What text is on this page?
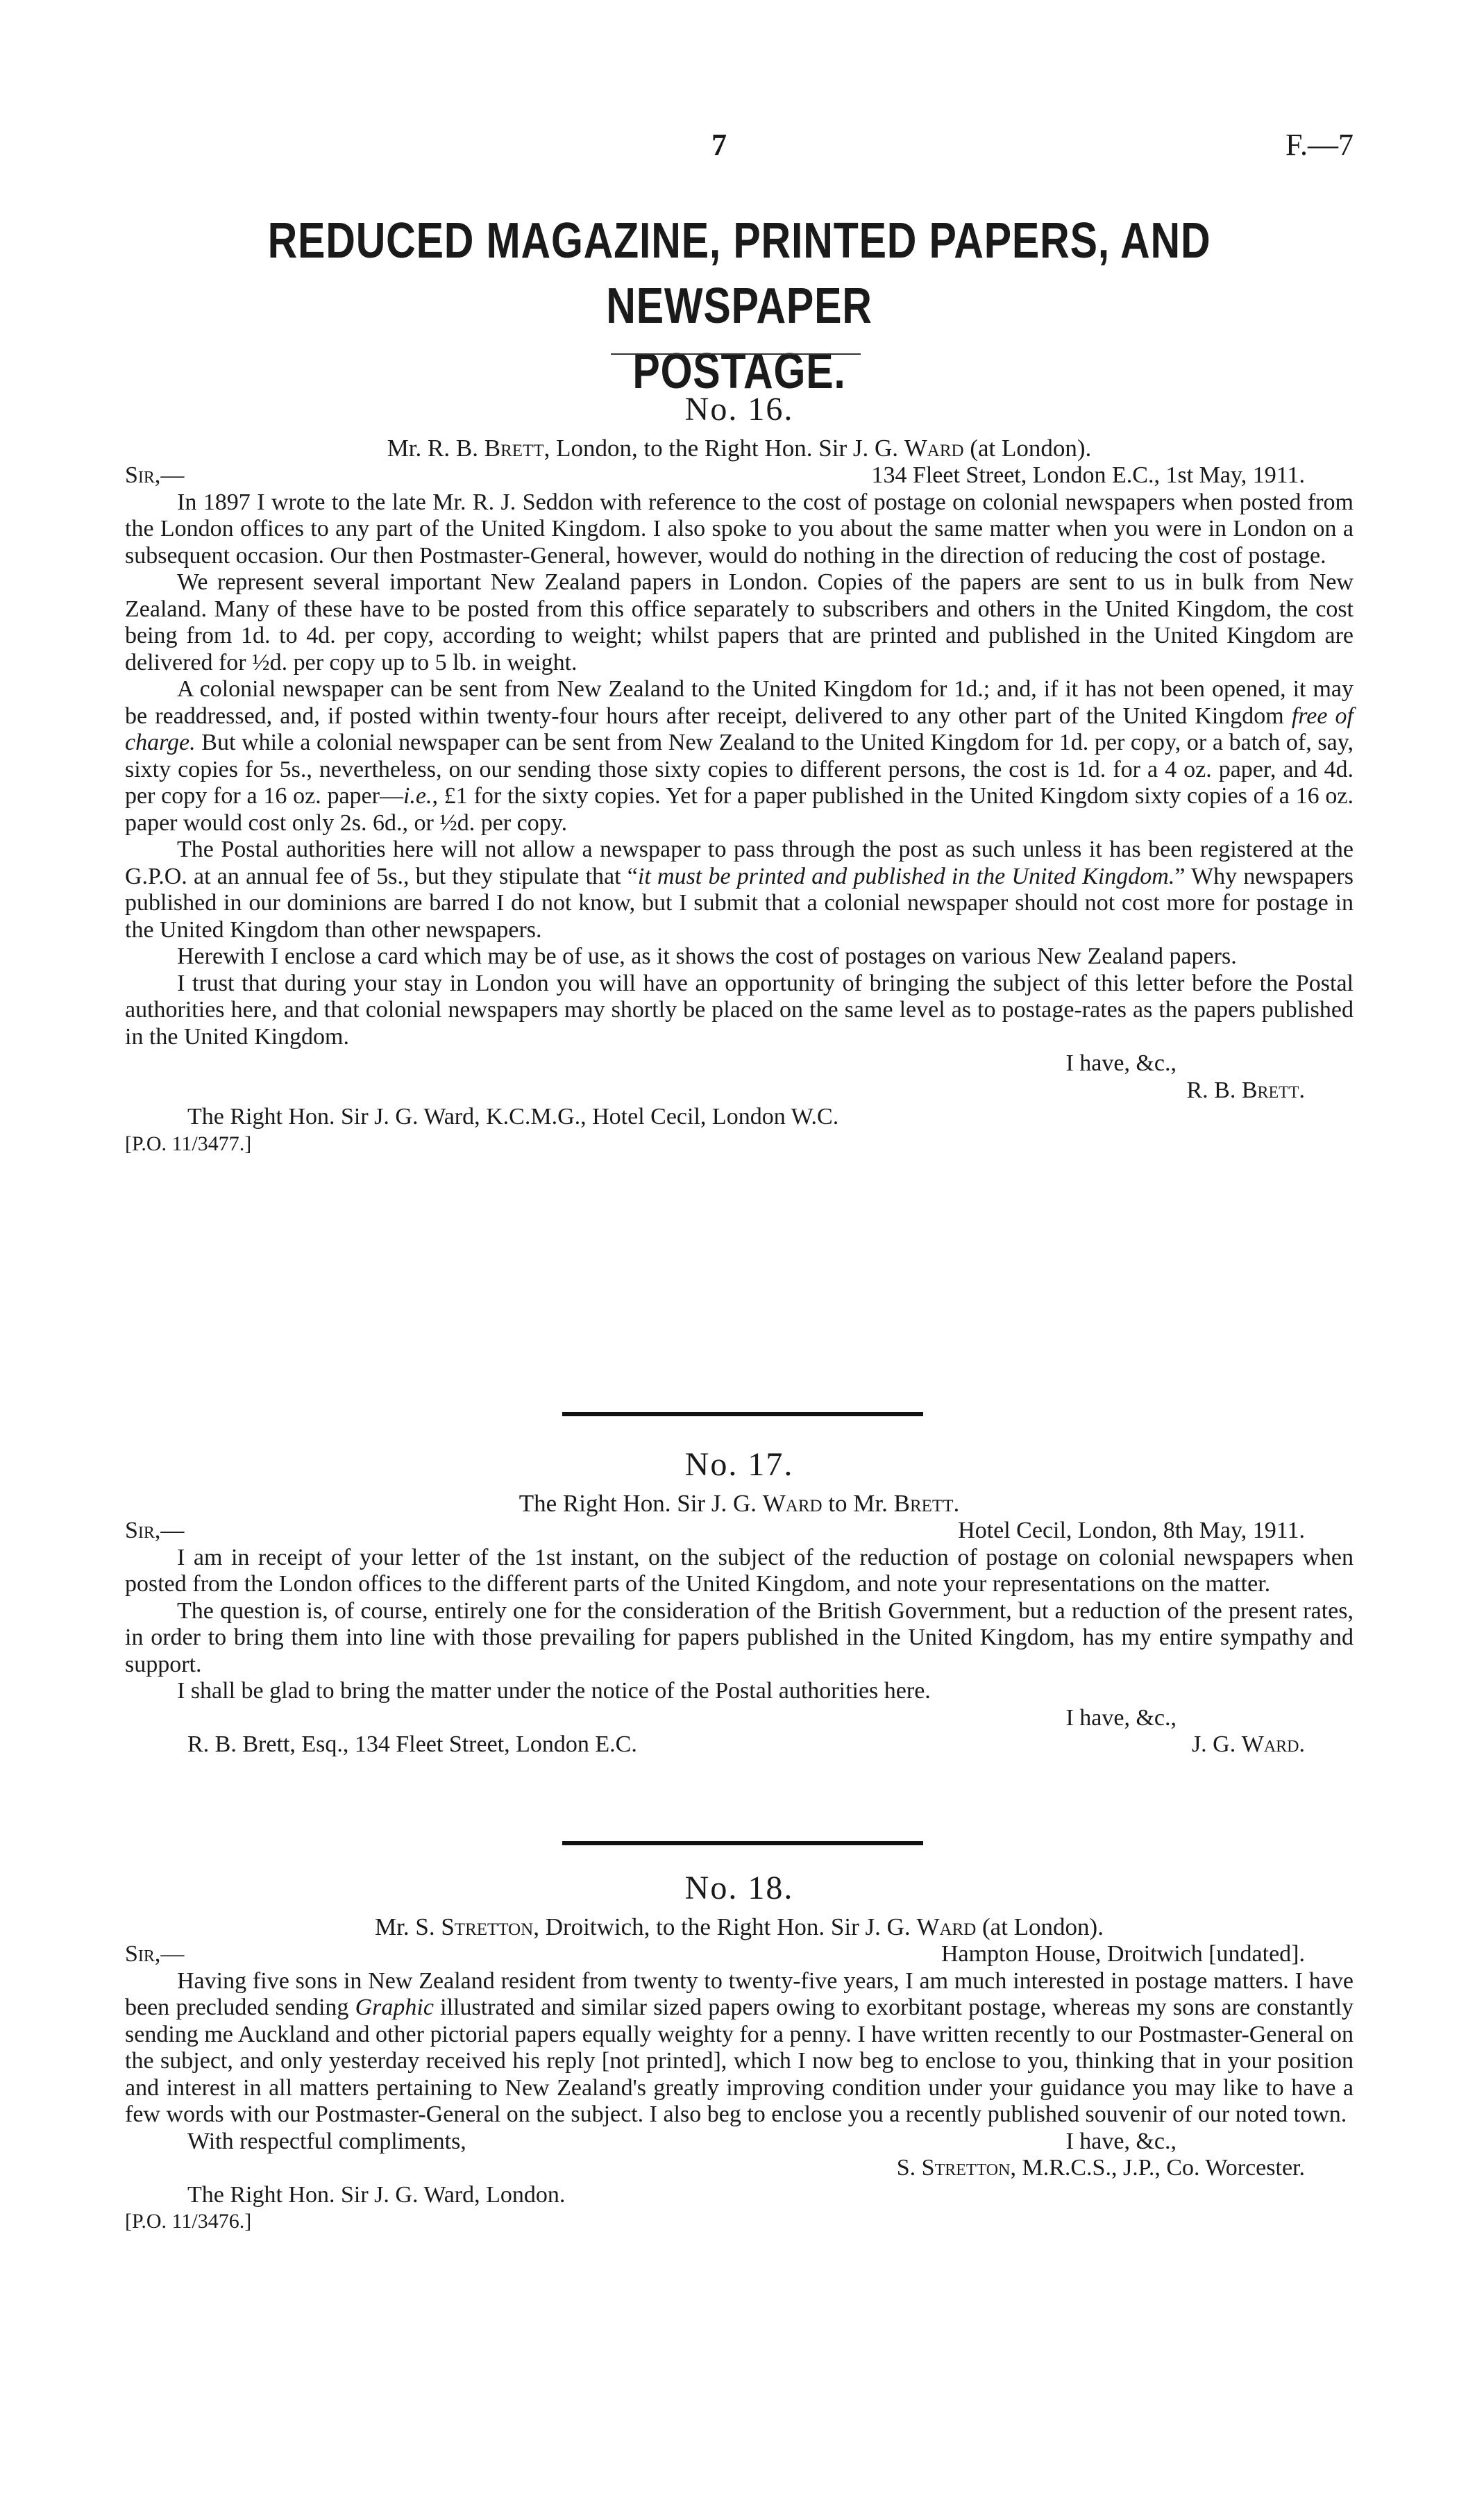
7	F.—7
REDUCED MAGAZINE, PRINTED PAPERS, AND NEWSPAPER
POSTAGE.
No. 16.
Mr. R. B. Brett, London, to the Right Hon. Sir J. G. Ward (at London).
Sir,—	134 Fleet Street, London E.C., 1st May, 1911.

In 1897 I wrote to the late Mr. R. J. Seddon with reference to the cost of postage on colonial newspapers when posted from the London offices to any part of the United Kingdom. I also spoke to you about the same matter when you were in London on a subsequent occasion. Our then Postmaster-General, however, would do nothing in the direction of reducing the cost of postage.

We represent several important New Zealand papers in London. Copies of the papers are sent to us in bulk from New Zealand. Many of these have to be posted from this office separately to subscribers and others in the United Kingdom, the cost being from 1d. to 4d. per copy, according to weight; whilst papers that are printed and published in the United Kingdom are delivered for ½d. per copy up to 5 lb. in weight.

A colonial newspaper can be sent from New Zealand to the United Kingdom for 1d.; and, if it has not been opened, it may be readdressed, and, if posted within twenty-four hours after receipt, delivered to any other part of the United Kingdom free of charge. But while a colonial newspaper can be sent from New Zealand to the United Kingdom for 1d. per copy, or a batch of, say, sixty copies for 5s., nevertheless, on our sending those sixty copies to different persons, the cost is 1d. for a 4 oz. paper, and 4d. per copy for a 16 oz. paper—i.e., £1 for the sixty copies. Yet for a paper published in the United Kingdom sixty copies of a 16 oz. paper would cost only 2s. 6d., or ½d. per copy.

The Postal authorities here will not allow a newspaper to pass through the post as such unless it has been registered at the G.P.O. at an annual fee of 5s., but they stipulate that “it must be printed and published in the United Kingdom.” Why newspapers published in our dominions are barred I do not know, but I submit that a colonial newspaper should not cost more for postage in the United Kingdom than other newspapers.

Herewith I enclose a card which may be of use, as it shows the cost of postages on various New Zealand papers.

I trust that during your stay in London you will have an opportunity of bringing the subject of this letter before the Postal authorities here, and that colonial newspapers may shortly be placed on the same level as to postage-rates as the papers published in the United Kingdom.

I have, &c.,
R. B. Brett.
The Right Hon. Sir J. G. Ward, K.C.M.G., Hotel Cecil, London W.C.
[P.O. 11/3477.]
No. 17.
The Right Hon. Sir J. G. Ward to Mr. Brett.
Sir,—	Hotel Cecil, London, 8th May, 1911.

I am in receipt of your letter of the 1st instant, on the subject of the reduction of postage on colonial newspapers when posted from the London offices to the different parts of the United Kingdom, and note your representations on the matter.

The question is, of course, entirely one for the consideration of the British Government, but a reduction of the present rates, in order to bring them into line with those prevailing for papers published in the United Kingdom, has my entire sympathy and support.

I shall be glad to bring the matter under the notice of the Postal authorities here.

I have, &c.,
R. B. Brett, Esq., 134 Fleet Street, London E.C.	J. G. Ward.
No. 18.
Mr. S. Stretton, Droitwich, to the Right Hon. Sir J. G. Ward (at London).
Sir,—	Hampton House, Droitwich [undated].

Having five sons in New Zealand resident from twenty to twenty-five years, I am much interested in postage matters. I have been precluded sending Graphic illustrated and similar sized papers owing to exorbitant postage, whereas my sons are constantly sending me Auckland and other pictorial papers equally weighty for a penny. I have written recently to our Postmaster-General on the subject, and only yesterday received his reply [not printed], which I now beg to enclose to you, thinking that in your position and interest in all matters pertaining to New Zealand's greatly improving condition under your guidance you may like to have a few words with our Postmaster-General on the subject. I also beg to enclose you a recently published souvenir of our noted town.

With respectful compliments,	I have, &c.,
S. Stretton, M.R.C.S., J.P., Co. Worcester.
The Right Hon. Sir J. G. Ward, London.
[P.O. 11/3476.]
